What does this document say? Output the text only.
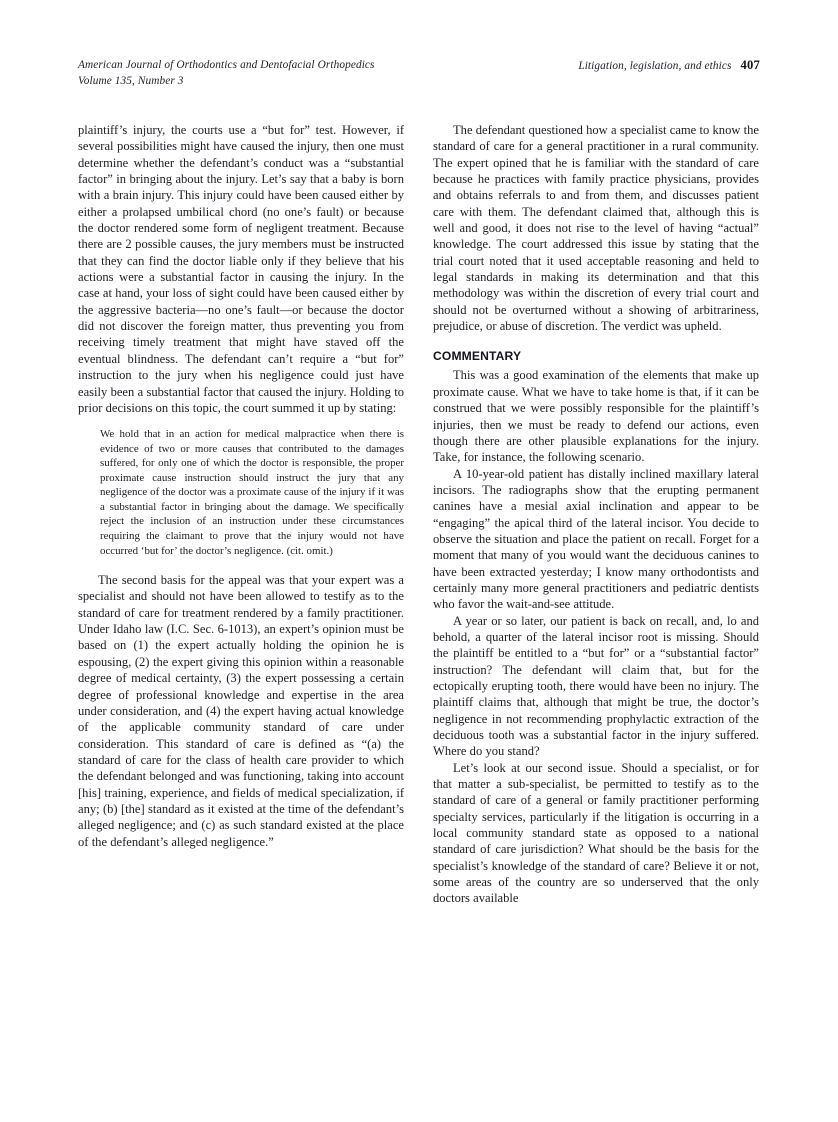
American Journal of Orthodontics and Dentofacial Orthopedics
Volume 135, Number 3
Litigation, legislation, and ethics 407

plaintiff’s injury, the courts use a “but for” test. However, if several possibilities might have caused the injury, then one must determine whether the defendant’s conduct was a “substantial factor” in bringing about the injury. Let’s say that a baby is born with a brain injury. This injury could have been caused either by either a prolapsed umbilical chord (no one’s fault) or because the doctor rendered some form of negligent treatment. Because there are 2 possible causes, the jury members must be instructed that they can find the doctor liable only if they believe that his actions were a substantial factor in causing the injury. In the case at hand, your loss of sight could have been caused either by the aggressive bacteria—no one’s fault—or because the doctor did not discover the foreign matter, thus preventing you from receiving timely treatment that might have staved off the eventual blindness. The defendant can’t require a “but for” instruction to the jury when his negligence could just have easily been a substantial factor that caused the injury. Holding to prior decisions on this topic, the court summed it up by stating:

We hold that in an action for medical malpractice when there is evidence of two or more causes that contributed to the damages suffered, for only one of which the doctor is responsible, the proper proximate cause instruction should instruct the jury that any negligence of the doctor was a proximate cause of the injury if it was a substantial factor in bringing about the damage. We specifically reject the inclusion of an instruction under these circumstances requiring the claimant to prove that the injury would not have occurred ‘but for’ the doctor’s negligence. (cit. omit.)

The second basis for the appeal was that your expert was a specialist and should not have been allowed to testify as to the standard of care for treatment rendered by a family practitioner. Under Idaho law (I.C. Sec. 6-1013), an expert’s opinion must be based on (1) the expert actually holding the opinion he is espousing, (2) the expert giving this opinion within a reasonable degree of medical certainty, (3) the expert possessing a certain degree of professional knowledge and expertise in the area under consideration, and (4) the expert having actual knowledge of the applicable community standard of care under consideration. This standard of care is defined as “(a) the standard of care for the class of health care provider to which the defendant belonged and was functioning, taking into account [his] training, experience, and fields of medical specialization, if any; (b) [the] standard as it existed at the time of the defendant’s alleged negligence; and (c) as such standard existed at the place of the defendant’s alleged negligence.”

The defendant questioned how a specialist came to know the standard of care for a general practitioner in a rural community. The expert opined that he is familiar with the standard of care because he practices with family practice physicians, provides and obtains referrals to and from them, and discusses patient care with them. The defendant claimed that, although this is well and good, it does not rise to the level of having “actual” knowledge. The court addressed this issue by stating that the trial court noted that it used acceptable reasoning and held to legal standards in making its determination and that this methodology was within the discretion of every trial court and should not be overturned without a showing of arbitrariness, prejudice, or abuse of discretion. The verdict was upheld.

COMMENTARY

This was a good examination of the elements that make up proximate cause. What we have to take home is that, if it can be construed that we were possibly responsible for the plaintiff’s injuries, then we must be ready to defend our actions, even though there are other plausible explanations for the injury. Take, for instance, the following scenario.

A 10-year-old patient has distally inclined maxillary lateral incisors. The radiographs show that the erupting permanent canines have a mesial axial inclination and appear to be “engaging” the apical third of the lateral incisor. You decide to observe the situation and place the patient on recall. Forget for a moment that many of you would want the deciduous canines to have been extracted yesterday; I know many orthodontists and certainly many more general practitioners and pediatric dentists who favor the wait-and-see attitude.

A year or so later, our patient is back on recall, and, lo and behold, a quarter of the lateral incisor root is missing. Should the plaintiff be entitled to a “but for” or a “substantial factor” instruction? The defendant will claim that, but for the ectopically erupting tooth, there would have been no injury. The plaintiff claims that, although that might be true, the doctor’s negligence in not recommending prophylactic extraction of the deciduous tooth was a substantial factor in the injury suffered. Where do you stand?

Let’s look at our second issue. Should a specialist, or for that matter a sub-specialist, be permitted to testify as to the standard of care of a general or family practitioner performing specialty services, particularly if the litigation is occurring in a local community standard state as opposed to a national standard of care jurisdiction? What should be the basis for the specialist’s knowledge of the standard of care? Believe it or not, some areas of the country are so underserved that the only doctors available
